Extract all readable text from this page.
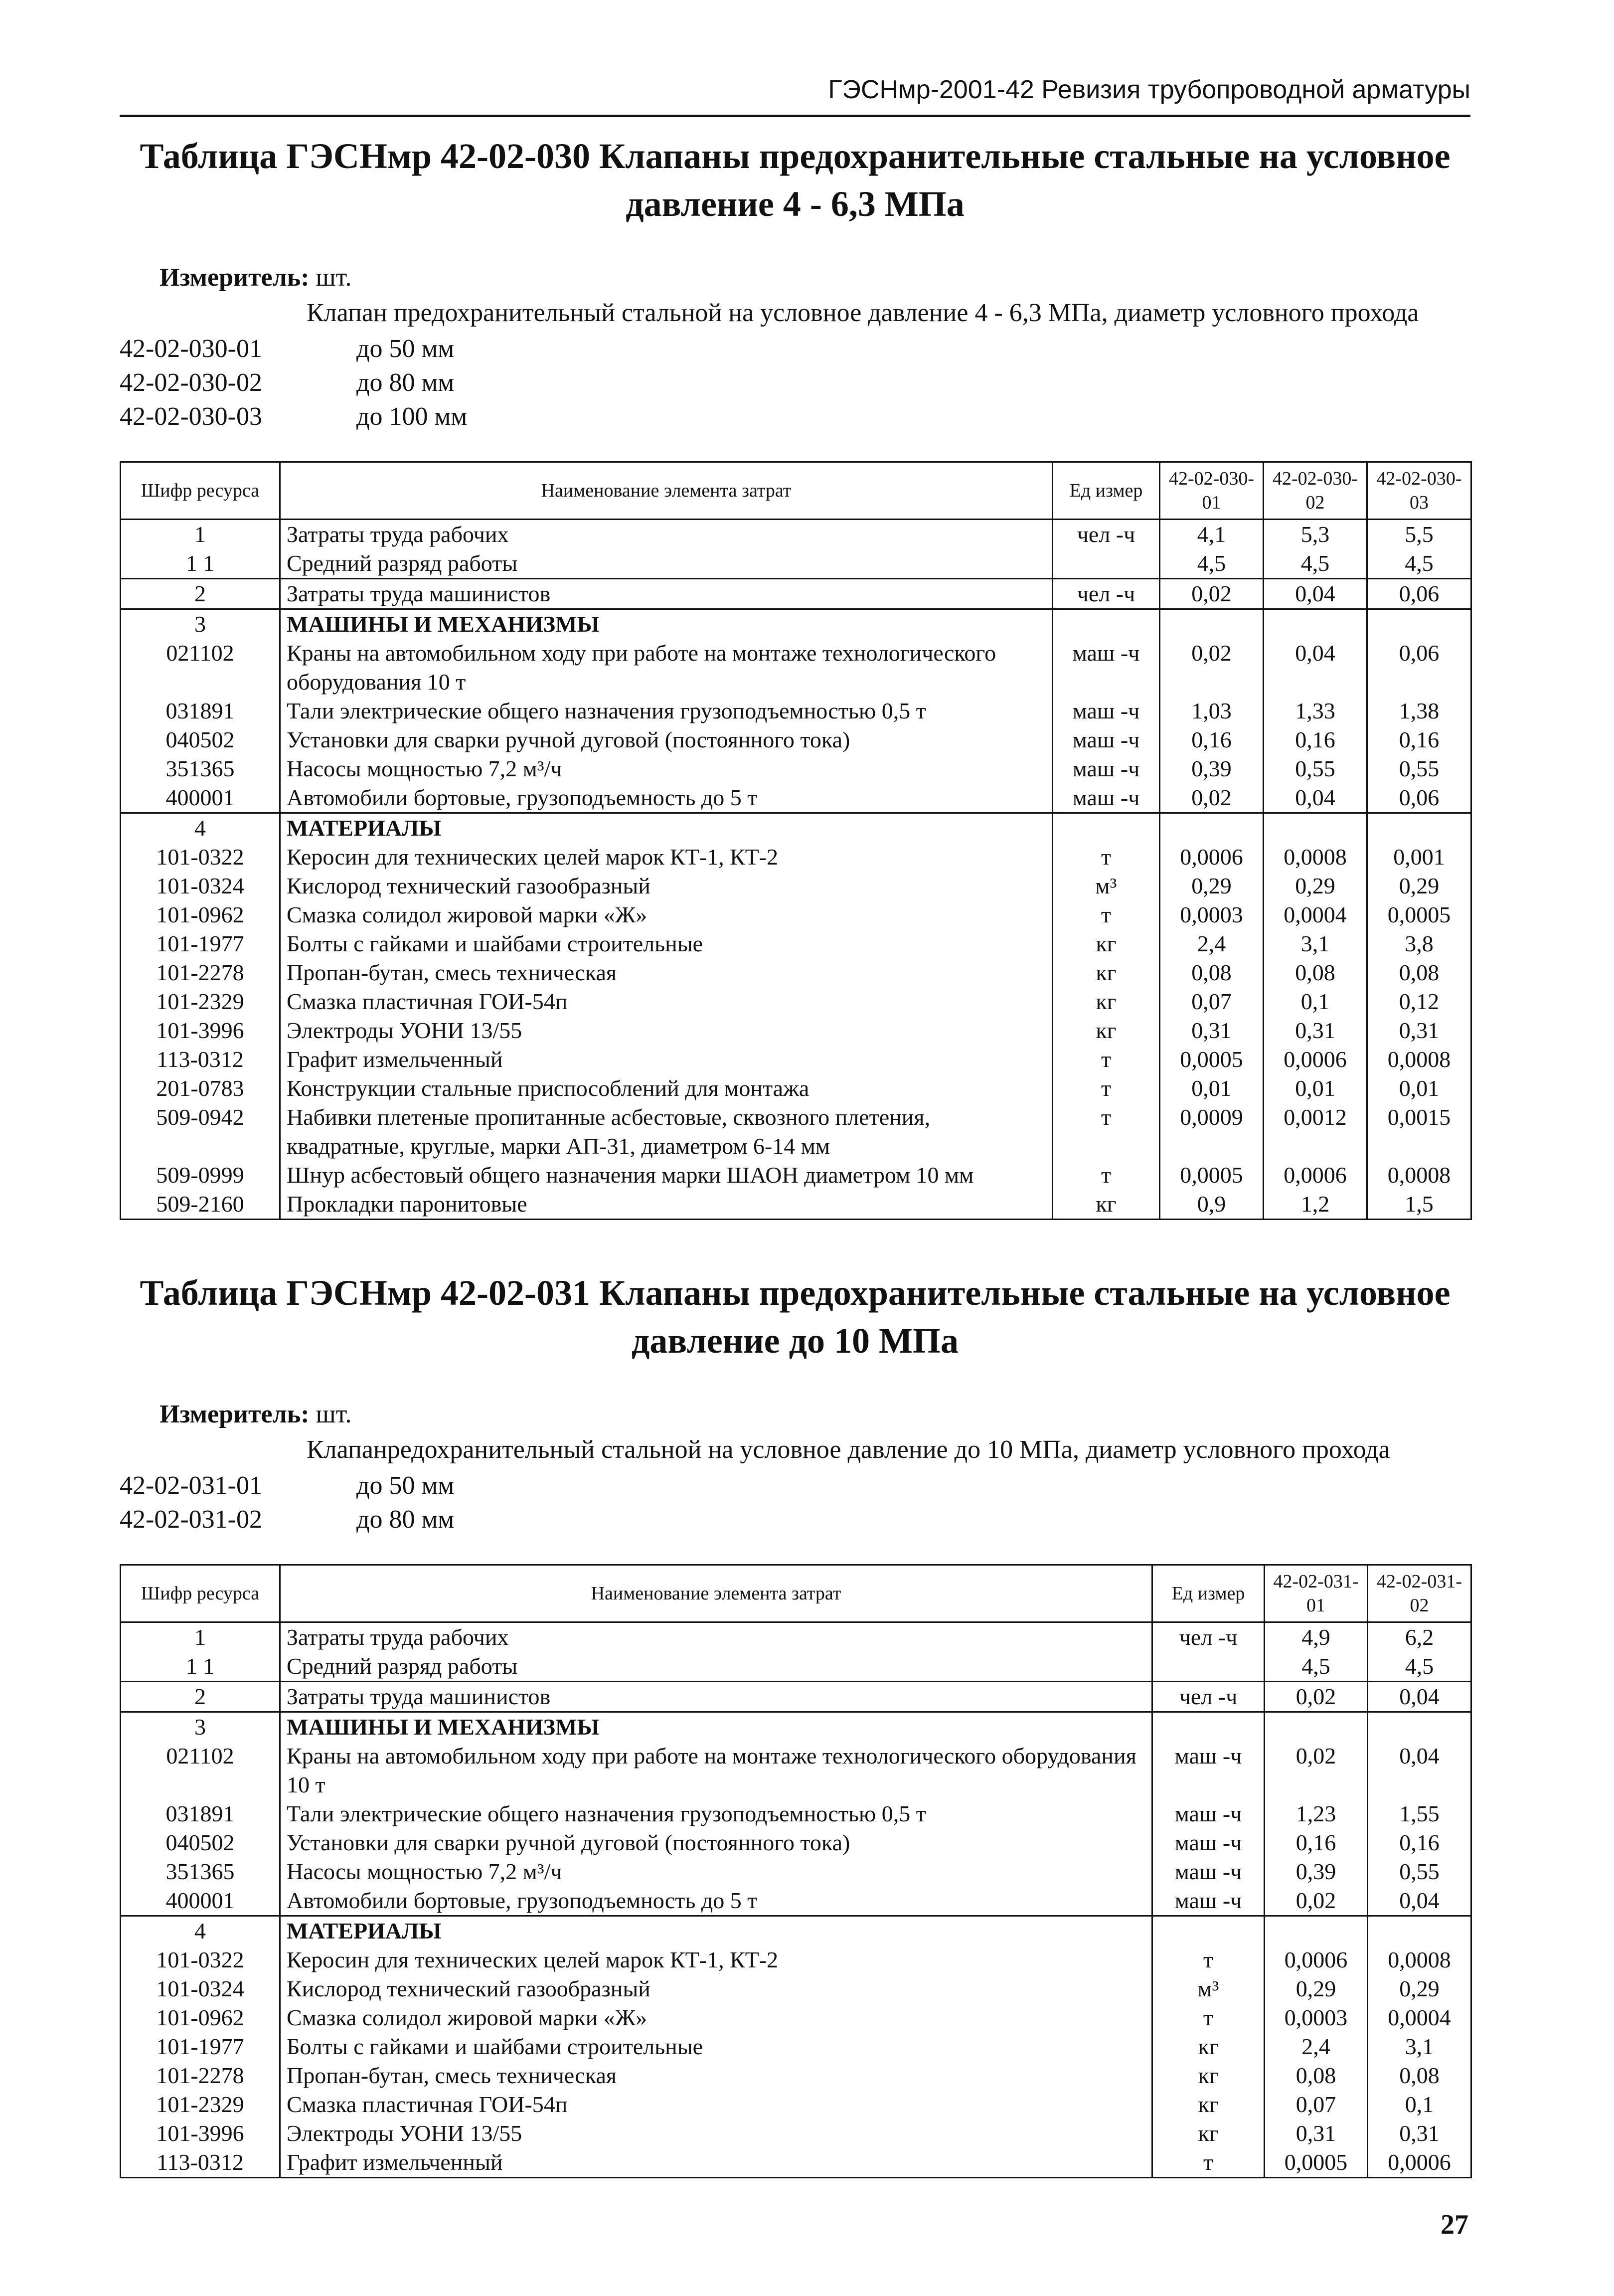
ГЭСНмр-2001-42 Ревизия трубопроводной арматуры

Таблица ГЭСНмр 42-02-030 Клапаны предохранительные стальные на условное давление 4 - 6,3 МПа

Измеритель: шт.
Клапан предохранительный стальной на условное давление 4 - 6,3 МПа, диаметр условного прохода
42-02-030-01	до 50 мм
42-02-030-02	до 80 мм
42-02-030-03	до 100 мм
Шифр ресурса	Наименование элемента затрат	Ед измер	42-02-030-01	42-02-030-02	42-02-030-03
1	Затраты труда рабочих	чел -ч	4,1	5,3	5,5
1 1	Средний разряд работы		4,5	4,5	4,5
2	Затраты труда машинистов	чел -ч	0,02	0,04	0,06
3	МАШИНЫ И МЕХАНИЗМЫ				
021102	Краны на автомобильном ходу при работе на монтаже технологического оборудования 10 т	маш -ч	0,02	0,04	0,06
031891	Тали электрические общего назначения грузоподъемностью 0,5 т	маш -ч	1,03	1,33	1,38
040502	Установки для сварки ручной дуговой (постоянного тока)	маш -ч	0,16	0,16	0,16
351365	Насосы мощностью 7,2 м³/ч	маш -ч	0,39	0,55	0,55
400001	Автомобили бортовые, грузоподъемность до 5 т	маш -ч	0,02	0,04	0,06
4	МАТЕРИАЛЫ				
101-0322	Керосин для технических целей марок КТ-1, КТ-2	т	0,0006	0,0008	0,001
101-0324	Кислород технический газообразный	м³	0,29	0,29	0,29
101-0962	Смазка солидол жировой марки «Ж»	т	0,0003	0,0004	0,0005
101-1977	Болты с гайками и шайбами строительные	кг	2,4	3,1	3,8
101-2278	Пропан-бутан, смесь техническая	кг	0,08	0,08	0,08
101-2329	Смазка пластичная ГОИ-54п	кг	0,07	0,1	0,12
101-3996	Электроды УОНИ 13/55	кг	0,31	0,31	0,31
113-0312	Графит измельченный	т	0,0005	0,0006	0,0008
201-0783	Конструкции стальные приспособлений для монтажа	т	0,01	0,01	0,01
509-0942	Набивки плетеные пропитанные асбестовые, сквозного плетения, квадратные, круглые, марки АП-31, диаметром 6-14 мм	т	0,0009	0,0012	0,0015
509-0999	Шнур асбестовый общего назначения марки ШАОН диаметром 10 мм	т	0,0005	0,0006	0,0008
509-2160	Прокладки паронитовые	кг	0,9	1,2	1,5

Таблица ГЭСНмр 42-02-031 Клапаны предохранительные стальные на условное давление до 10 МПа

Измеритель: шт.
Клапанредохранительный стальной на условное давление до 10 МПа, диаметр условного прохода
42-02-031-01	до 50 мм
42-02-031-02	до 80 мм
Шифр ресурса	Наименование элемента затрат	Ед измер	42-02-031-01	42-02-031-02
1	Затраты труда рабочих	чел -ч	4,9	6,2
1 1	Средний разряд работы		4,5	4,5
2	Затраты труда машинистов	чел -ч	0,02	0,04
3	МАШИНЫ И МЕХАНИЗМЫ			
021102	Краны на автомобильном ходу при работе на монтаже технологического оборудования 10 т	маш -ч	0,02	0,04
031891	Тали электрические общего назначения грузоподъемностью 0,5 т	маш -ч	1,23	1,55
040502	Установки для сварки ручной дуговой (постоянного тока)	маш -ч	0,16	0,16
351365	Насосы мощностью 7,2 м³/ч	маш -ч	0,39	0,55
400001	Автомобили бортовые, грузоподъемность до 5 т	маш -ч	0,02	0,04
4	МАТЕРИАЛЫ			
101-0322	Керосин для технических целей марок КТ-1, КТ-2	т	0,0006	0,0008
101-0324	Кислород технический газообразный	м³	0,29	0,29
101-0962	Смазка солидол жировой марки «Ж»	т	0,0003	0,0004
101-1977	Болты с гайками и шайбами строительные	кг	2,4	3,1
101-2278	Пропан-бутан, смесь техническая	кг	0,08	0,08
101-2329	Смазка пластичная ГОИ-54п	кг	0,07	0,1
101-3996	Электроды УОНИ 13/55	кг	0,31	0,31
113-0312	Графит измельченный	т	0,0005	0,0006
27
